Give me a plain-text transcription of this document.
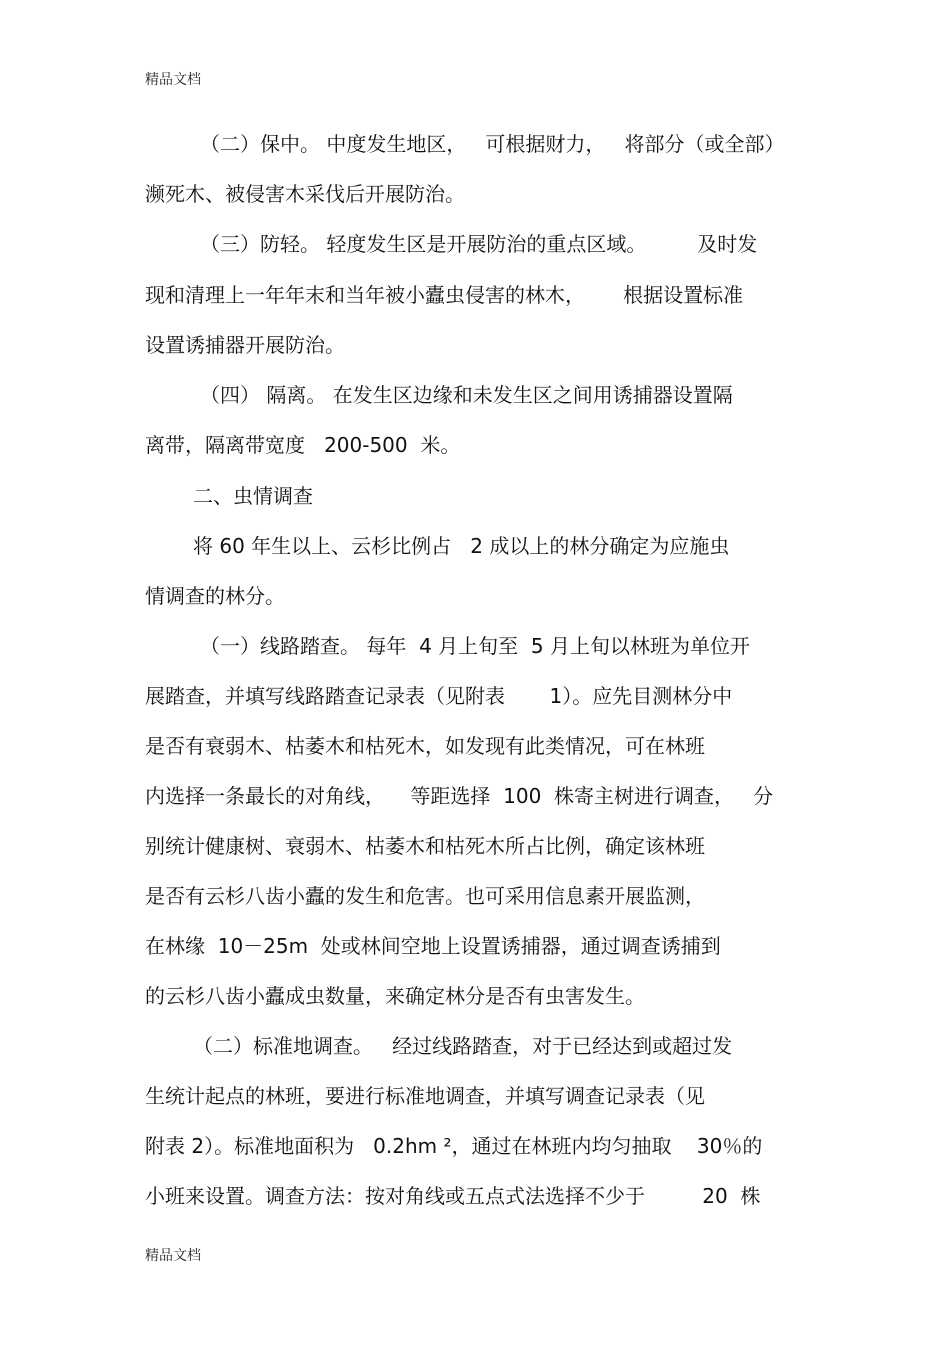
精品文档
（二）保中。 中度发生地区，   可根据财力，   将部分（或全部）
濒死木、被侵害木采伐后开展防治。
（三）防轻。 轻度发生区是开展防治的重点区域。        及时发
现和清理上一年年末和当年被小蠹虫侵害的林木，      根据设置标准
设置诱捕器开展防治。
（四） 隔离。 在发生区边缘和未发生区之间用诱捕器设置隔
离带，隔离带宽度   200-500  米。
二、虫情调查
将 60 年生以上、云杉比例占   2 成以上的林分确定为应施虫
情调查的林分。
（一）线路踏查。 每年  4 月上旬至  5 月上旬以林班为单位开
展踏查，并填写线路踏查记录表（见附表       1）。应先目测林分中
是否有衰弱木、枯萎木和枯死木，如发现有此类情况，可在林班
内选择一条最长的对角线，    等距选择  100  株寄主树进行调查，   分
别统计健康树、衰弱木、枯萎木和枯死木所占比例，确定该林班
是否有云杉八齿小蠹的发生和危害。也可采用信息素开展监测，
在林缘  10－25m  处或林间空地上设置诱捕器，通过调查诱捕到
的云杉八齿小蠹成虫数量，来确定林分是否有虫害发生。
（二）标准地调查。   经过线路踏查，对于已经达到或超过发
生统计起点的林班，要进行标准地调查，并填写调查记录表（见
附表 2）。标准地面积为   0.2hm ²，通过在林班内均匀抽取    30％的
小班来设置。调查方法：按对角线或五点式法选择不少于         20  株
精品文档
